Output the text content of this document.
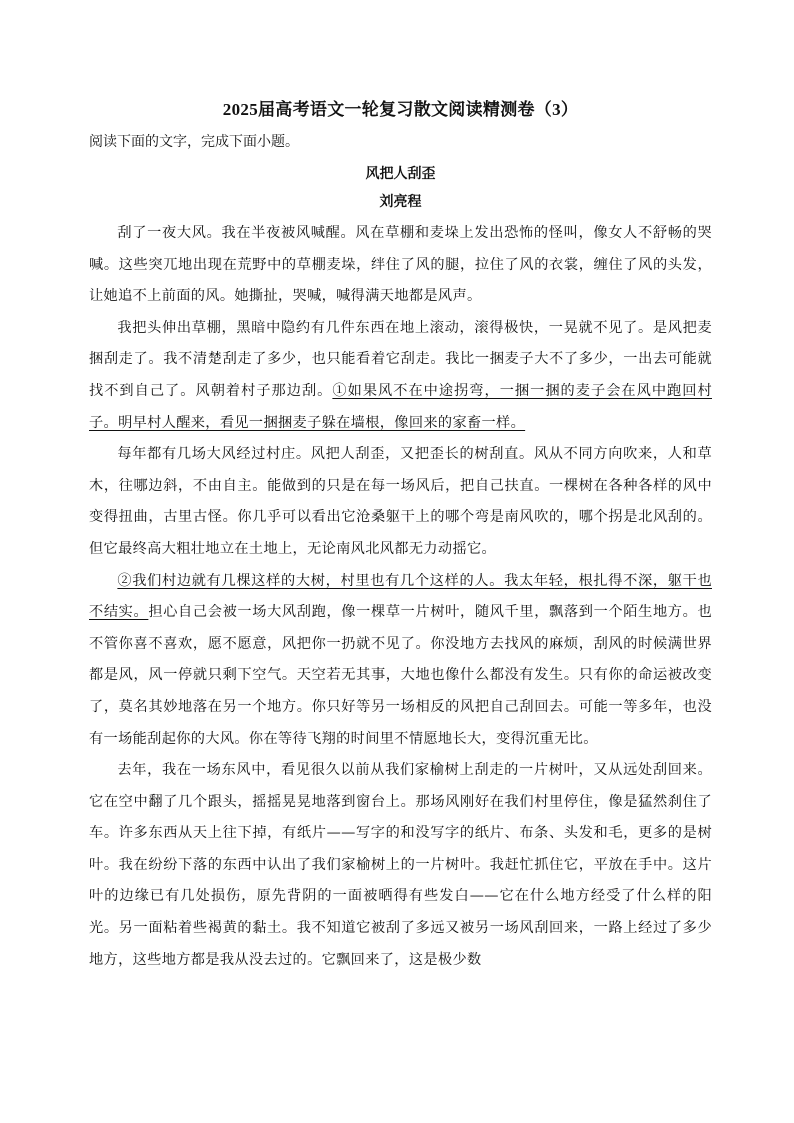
2025届高考语文一轮复习散文阅读精测卷（3）
阅读下面的文字，完成下面小题。
风把人刮歪
刘亮程

刮了一夜大风。我在半夜被风喊醒。风在草棚和麦垛上发出恐怖的怪叫，像女人不舒畅的哭喊。这些突兀地出现在荒野中的草棚麦垛，绊住了风的腿，拉住了风的衣裳，缠住了风的头发，让她追不上前面的风。她撕扯，哭喊，喊得满天地都是风声。

我把头伸出草棚，黑暗中隐约有几件东西在地上滚动，滚得极快，一晃就不见了。是风把麦捆刮走了。我不清楚刮走了多少，也只能看着它刮走。我比一捆麦子大不了多少，一出去可能就找不到自己了。风朝着村子那边刮。①如果风不在中途拐弯，一捆一捆的麦子会在风中跑回村子。明早村人醒来，看见一捆捆麦子躲在墙根，像回来的家畜一样。

每年都有几场大风经过村庄。风把人刮歪，又把歪长的树刮直。风从不同方向吹来，人和草木，往哪边斜，不由自主。能做到的只是在每一场风后，把自己扶直。一棵树在各种各样的风中变得扭曲，古里古怪。你几乎可以看出它沧桑躯干上的哪个弯是南风吹的，哪个拐是北风刮的。但它最终高大粗壮地立在土地上，无论南风北风都无力动摇它。

②我们村边就有几棵这样的大树，村里也有几个这样的人。我太年轻，根扎得不深，躯干也不结实。担心自己会被一场大风刮跑，像一棵草一片树叶，随风千里，飘落到一个陌生地方。也不管你喜不喜欢，愿不愿意，风把你一扔就不见了。你没地方去找风的麻烦，刮风的时候满世界都是风，风一停就只剩下空气。天空若无其事，大地也像什么都没有发生。只有你的命运被改变了，莫名其妙地落在另一个地方。你只好等另一场相反的风把自己刮回去。可能一等多年，也没有一场能刮起你的大风。你在等待飞翔的时间里不情愿地长大，变得沉重无比。

去年，我在一场东风中，看见很久以前从我们家榆树上刮走的一片树叶，又从远处刮回来。它在空中翻了几个跟头，摇摇晃晃地落到窗台上。那场风刚好在我们村里停住，像是猛然刹住了车。许多东西从天上往下掉，有纸片——写字的和没写字的纸片、布条、头发和毛，更多的是树叶。我在纷纷下落的东西中认出了我们家榆树上的一片树叶。我赶忙抓住它，平放在手中。这片叶的边缘已有几处损伤，原先背阴的一面被晒得有些发白——它在什么地方经受了什么样的阳光。另一面粘着些褐黄的黏土。我不知道它被刮了多远又被另一场风刮回来，一路上经过了多少地方，这些地方都是我从没去过的。它飘回来了，这是极少数
